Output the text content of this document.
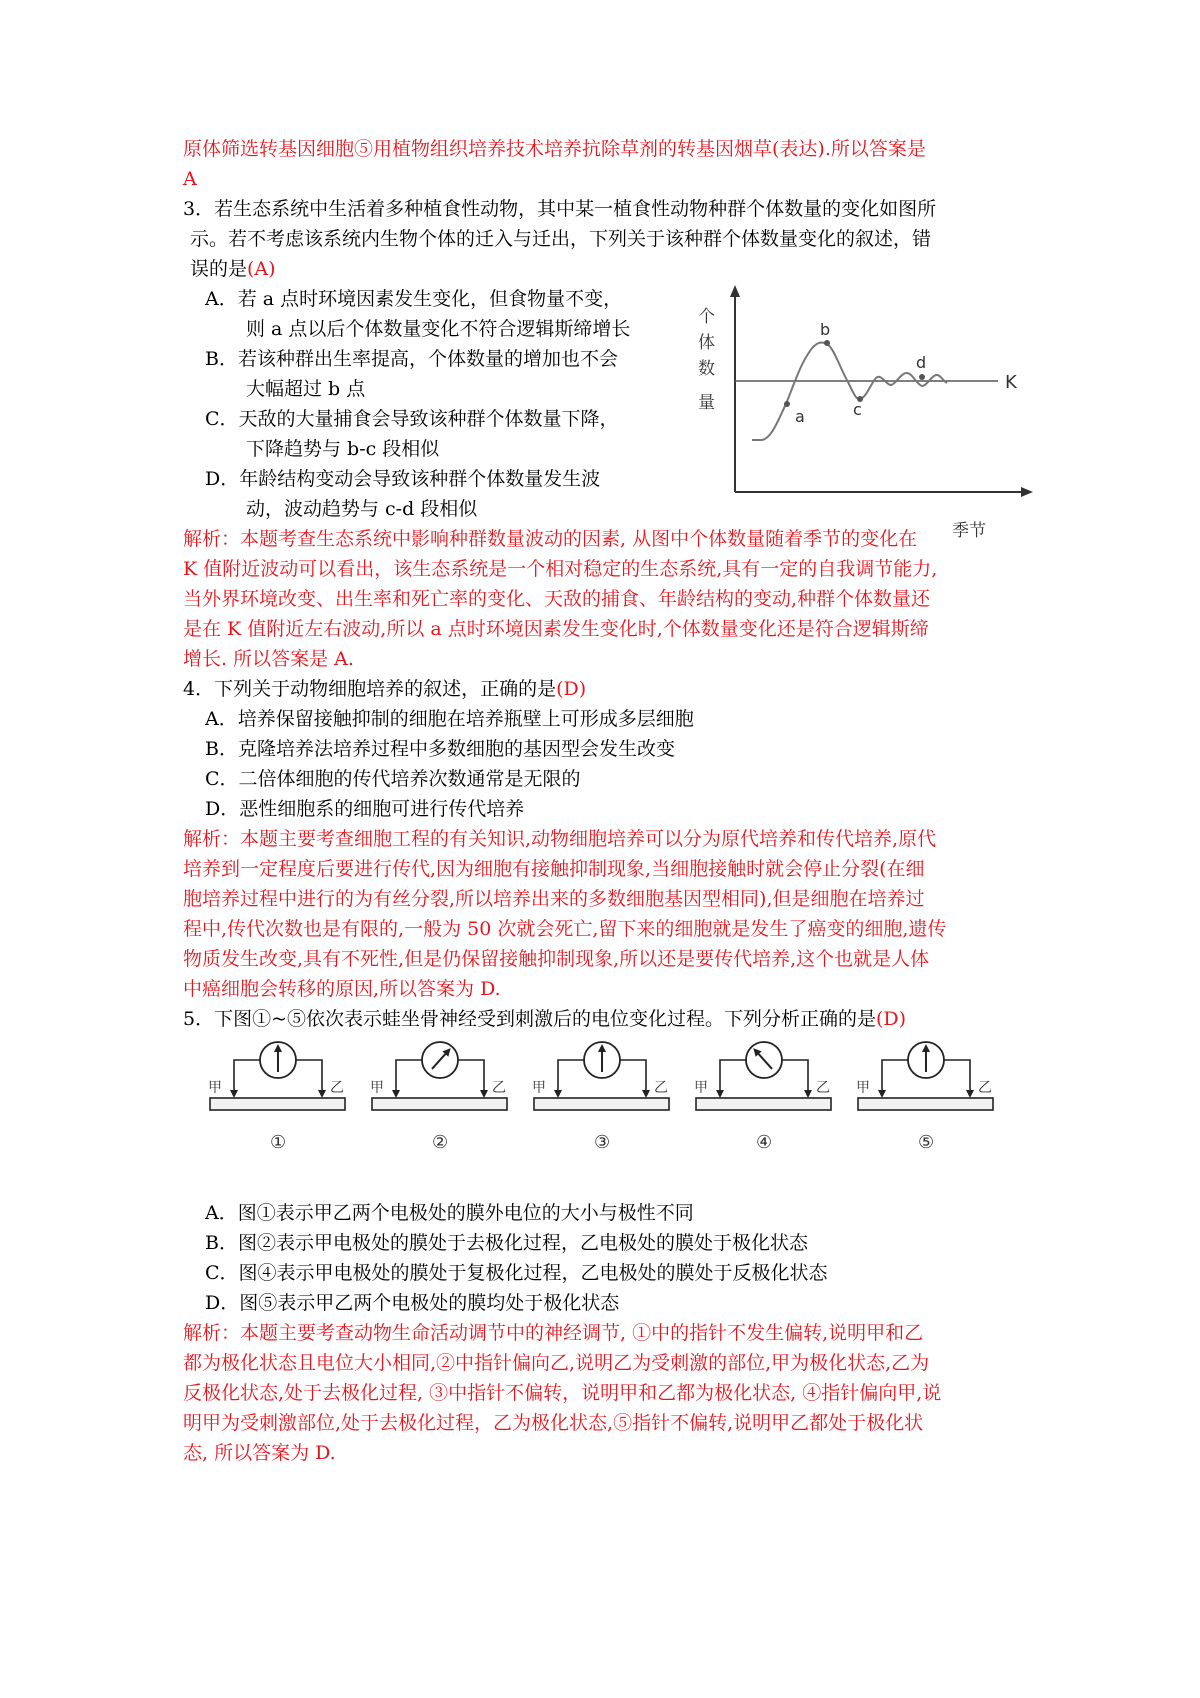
原体筛选转基因细胞⑤用植物组织培养技术培养抗除草剂的转基因烟草(表达).所以答案是
A
3．若生态系统中生活着多种植食性动物，其中某一植食性动物种群个体数量的变化如图所
示。若不考虑该系统内生物个体的迁入与迁出，下列关于该种群个体数量变化的叙述，错
误的是(A)
A．若 a 点时环境因素发生变化，但食物量不变，
则 a 点以后个体数量变化不符合逻辑斯缔增长
B．若该种群出生率提高，个体数量的增加也不会
大幅超过 b 点
C．天敌的大量捕食会导致该种群个体数量下降，
下降趋势与 b-c 段相似
D．年龄结构变动会导致该种群个体数量发生波
动，波动趋势与 c-d 段相似
a
b
c
d
K
个
体
数
量
季节
解析：本题考查生态系统中影响种群数量波动的因素, 从图中个体数量随着季节的变化在
K 值附近波动可以看出，该生态系统是一个相对稳定的生态系统,具有一定的自我调节能力,
当外界环境改变、出生率和死亡率的变化、天敌的捕食、年龄结构的变动,种群个体数量还
是在 K 值附近左右波动,所以 a 点时环境因素发生变化时,个体数量变化还是符合逻辑斯缔
增长. 所以答案是 A.
4．下列关于动物细胞培养的叙述，正确的是(D)
A．培养保留接触抑制的细胞在培养瓶壁上可形成多层细胞
B．克隆培养法培养过程中多数细胞的基因型会发生改变
C．二倍体细胞的传代培养次数通常是无限的
D．恶性细胞系的细胞可进行传代培养
解析：本题主要考查细胞工程的有关知识,动物细胞培养可以分为原代培养和传代培养,原代
培养到一定程度后要进行传代,因为细胞有接触抑制现象,当细胞接触时就会停止分裂(在细
胞培养过程中进行的为有丝分裂,所以培养出来的多数细胞基因型相同),但是细胞在培养过
程中,传代次数也是有限的,一般为 50 次就会死亡,留下来的细胞就是发生了癌变的细胞,遗传
物质发生改变,具有不死性,但是仍保留接触抑制现象,所以还是要传代培养,这个也就是人体
中癌细胞会转移的原因,所以答案为 D.
5．下图①~⑤依次表示蛙坐骨神经受到刺激后的电位变化过程。下列分析正确的是(D)
甲	乙
①
甲	乙
②
甲	乙
③
甲	乙
④
甲	乙
⑤
A．图①表示甲乙两个电极处的膜外电位的大小与极性不同
B．图②表示甲电极处的膜处于去极化过程，乙电极处的膜处于极化状态
C．图④表示甲电极处的膜处于复极化过程，乙电极处的膜处于反极化状态
D．图⑤表示甲乙两个电极处的膜均处于极化状态
解析：本题主要考查动物生命活动调节中的神经调节, ①中的指针不发生偏转,说明甲和乙
都为极化状态且电位大小相同,②中指针偏向乙,说明乙为受刺激的部位,甲为极化状态,乙为
反极化状态,处于去极化过程, ③中指针不偏转，说明甲和乙都为极化状态, ④指针偏向甲,说
明甲为受刺激部位,处于去极化过程，乙为极化状态,⑤指针不偏转,说明甲乙都处于极化状
态, 所以答案为 D.
